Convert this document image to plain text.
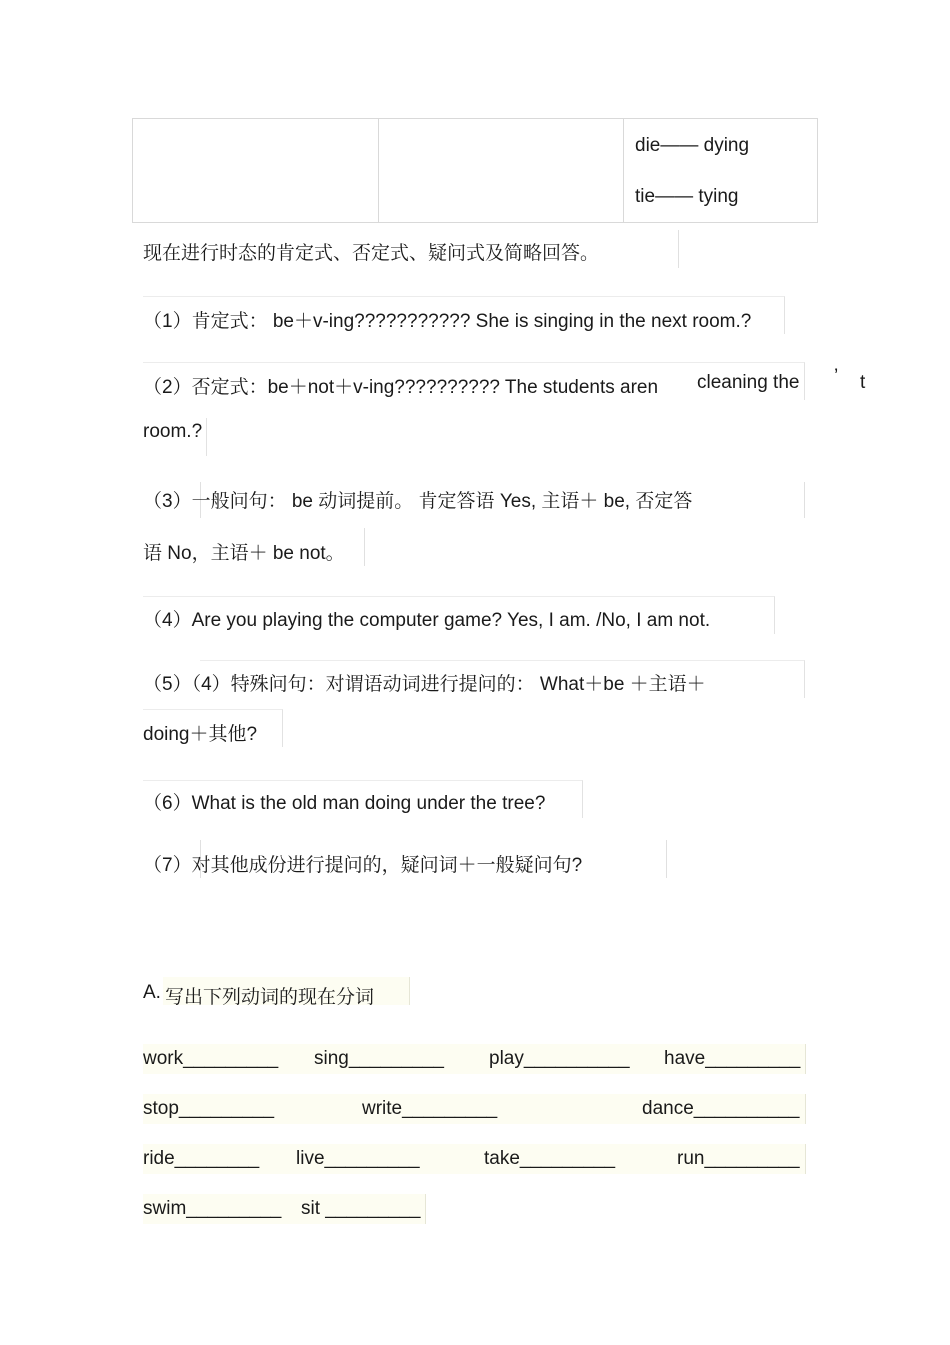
die—— dying
tie—— tying
现在进行时态的肯定式、否定式、疑问式及简略回答。
（1）肯定式： be＋v-ing??????????? She is singing in the next room.?
（2）否定式：be＋not＋v-ing?????????? The students aren cleaning the ’ t
room.?
（3）一般问句： be 动词提前。 肯定答语 Yes, 主语＋ be, 否定答
语 No，主语＋ be not。
（4）Are you playing the computer game? Yes, I am. /No, I am not.
（5）（4）特殊问句：对谓语动词进行提问的： What＋be ＋主语＋
doing＋其他?
（6）What is the old man doing under the tree?
（7）对其他成份进行提问的，疑问词＋一般疑问句?
A. 写出下列动词的现在分词
work_________ sing_________ play__________ have_________
stop_________	write_________	dance__________
ride________ live_________	take_________	run_________
swim_________ sit _________
